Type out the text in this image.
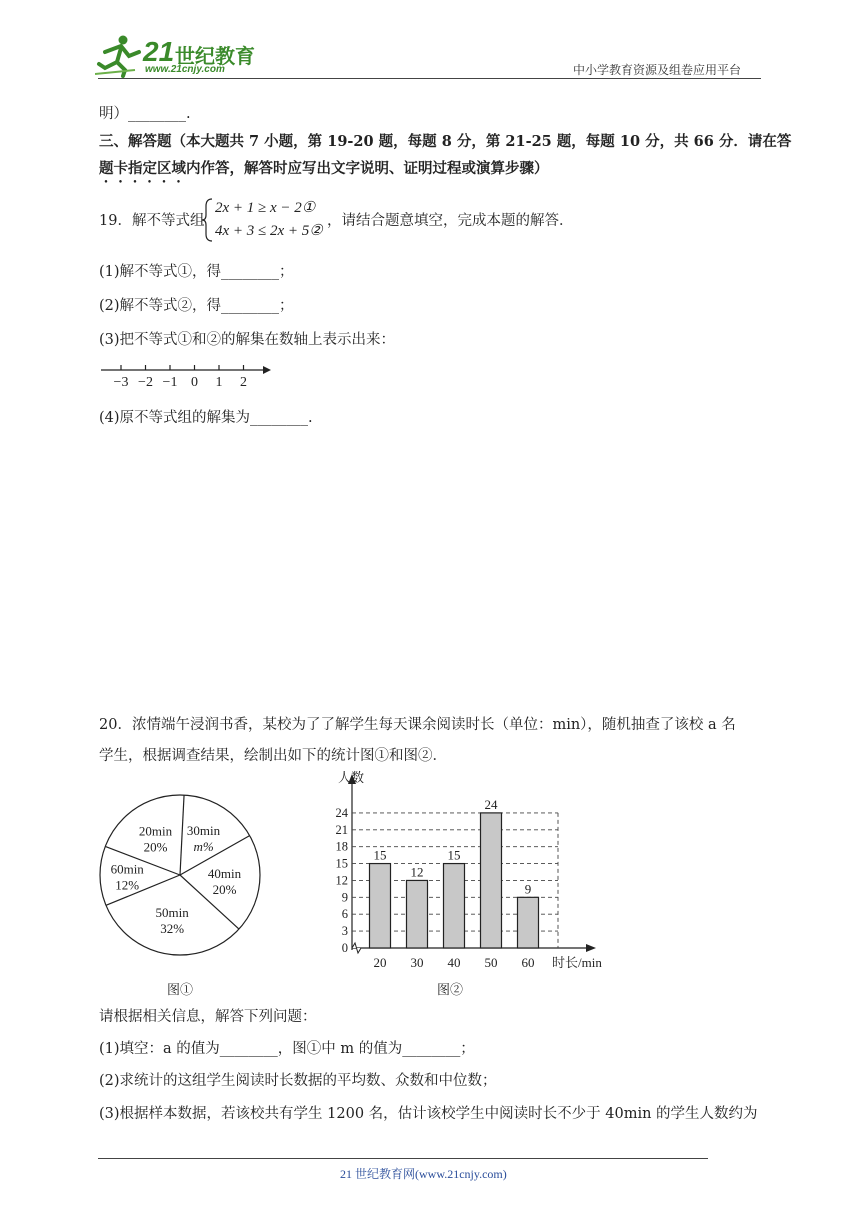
21 世纪教育
www.21cnjy.com	中小学教育资源及组卷应用平台
明）________.
三、解答题（本大题共 7 小题，第 19-20 题，每题 8 分，第 21-25 题，每题 10 分，共 66 分．请在答
题卡指定区域内作答，解答时应写出文字说明、证明过程或演算步骤）
19．解不等式组
2x + 1 ≥ x − 2①
4x + 3 ≤ 2x + 5②
，请结合题意填空，完成本题的解答．
(1)解不等式①，得________；
(2)解不等式②，得________；
(3)把不等式①和②的解集在数轴上表示出来：
−3 −2 −1 0 1 2
(4)原不等式组的解集为________.
20．浓情端午浸润书香，某校为了了解学生每天课余阅读时长（单位：min），随机抽查了该校 a 名
学生，根据调查结果，绘制出如下的统计图①和图②．
30min
m%
40min
20%
50min
32%
60min
12%
20min
20%
图①
0
3
6
9
12
15
18
21
24
15
20
12
30
15
40
24
50
9
60
人数
时长/min
图②
请根据相关信息，解答下列问题：
(1)填空：a 的值为________，图①中 m 的值为________；
(2)求统计的这组学生阅读时长数据的平均数、众数和中位数；
(3)根据样本数据，若该校共有学生 1200 名，估计该校学生中阅读时长不少于 40min 的学生人数约为
21 世纪教育网(www.21cnjy.com)
